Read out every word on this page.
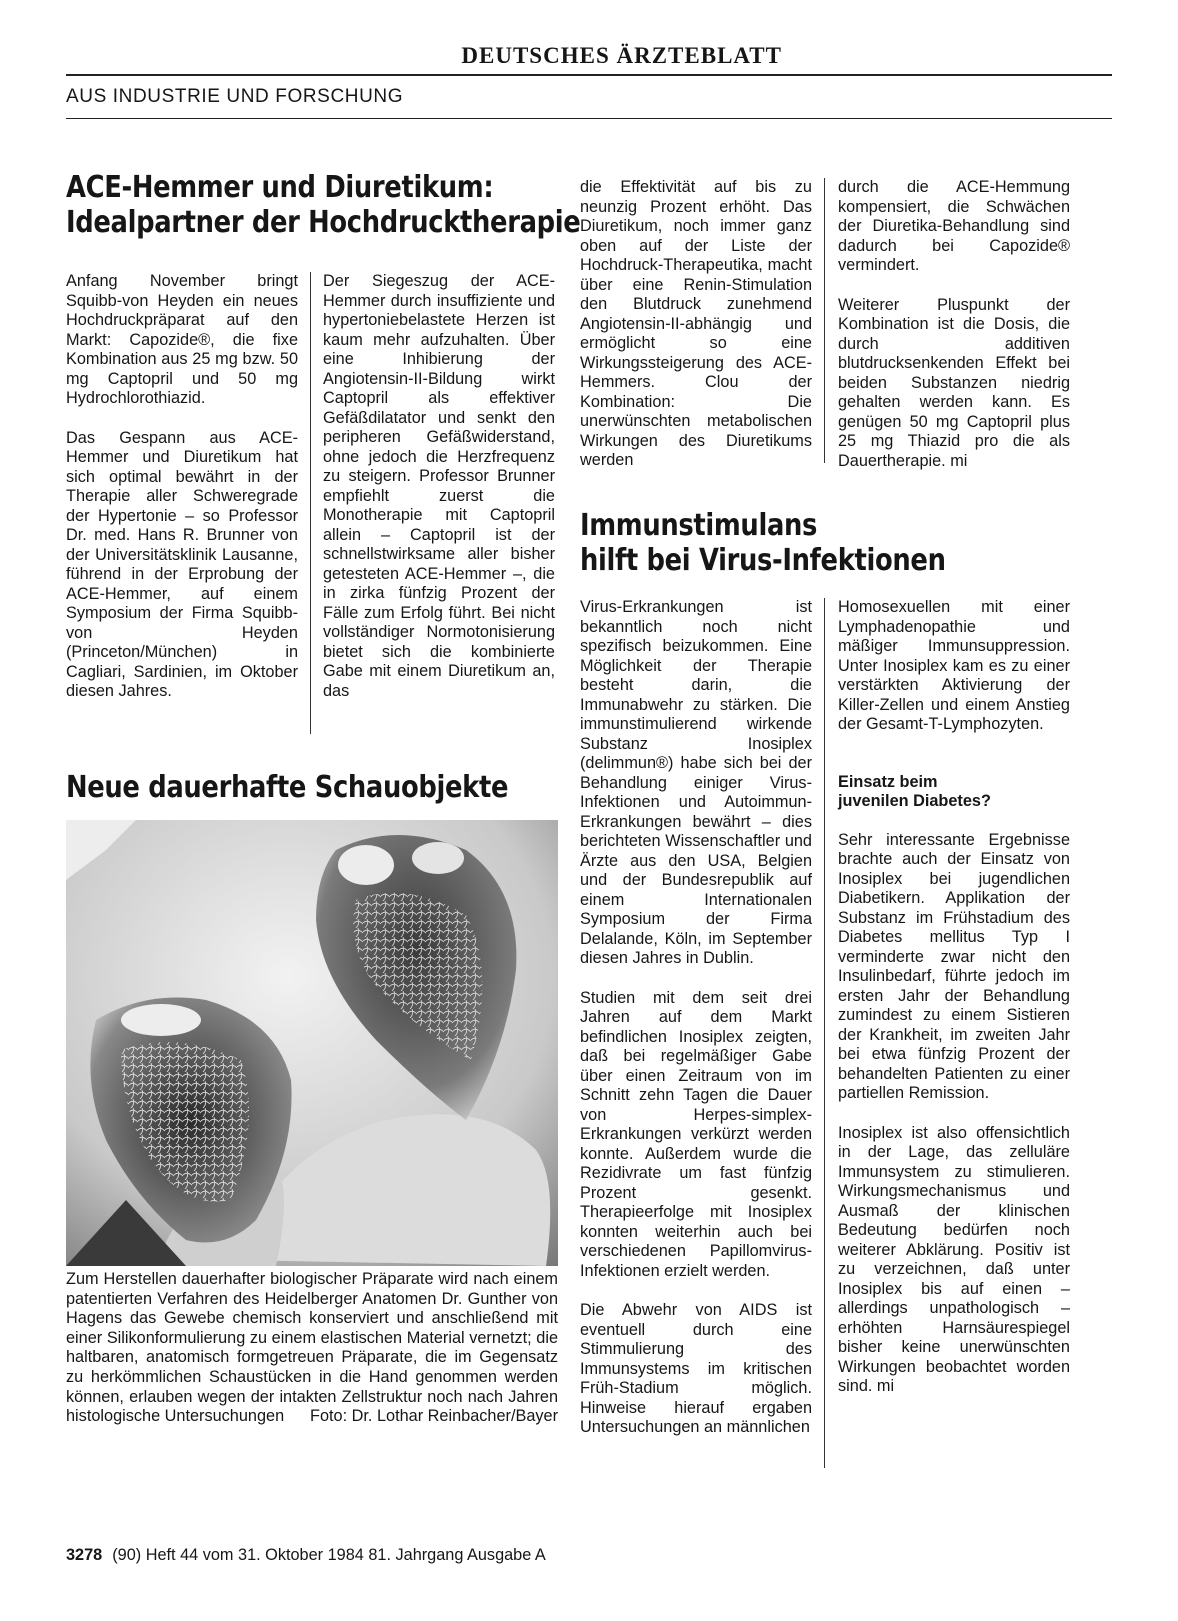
DEUTSCHES ÄRZTEBLATT
AUS INDUSTRIE UND FORSCHUNG
ACE-Hemmer und Diuretikum:
Idealpartner der Hochdrucktherapie

Anfang November bringt Squibb-von Heyden ein neues Hochdruckpräparat auf den Markt: Capozide®, die fixe Kombination aus 25 mg bzw. 50 mg Captopril und 50 mg Hydrochlorothiazid.

Das Gespann aus ACE-Hemmer und Diuretikum hat sich optimal bewährt in der Therapie aller Schweregrade der Hypertonie – so Professor Dr. med. Hans R. Brunner von der Universitätsklinik Lausanne, führend in der Erprobung der ACE-Hemmer, auf einem Symposium der Firma Squibb-von Heyden (Princeton/München) in Cagliari, Sardinien, im Oktober diesen Jahres.

Der Siegeszug der ACE-Hemmer durch insuffiziente und hypertoniebelastete Herzen ist kaum mehr aufzuhalten. Über eine Inhibierung der Angiotensin-II-Bildung wirkt Captopril als effektiver Gefäßdilatator und senkt den peripheren Gefäßwiderstand, ohne jedoch die Herzfrequenz zu steigern. Professor Brunner empfiehlt zuerst die Monotherapie mit Captopril allein – Captopril ist der schnellstwirksame aller bisher getesteten ACE-Hemmer –, die in zirka fünfzig Prozent der Fälle zum Erfolg führt. Bei nicht vollständiger Normotonisierung bietet sich die kombinierte Gabe mit einem Diuretikum an, das

die Effektivität auf bis zu neunzig Prozent erhöht. Das Diuretikum, noch immer ganz oben auf der Liste der Hochdruck-Therapeutika, macht über eine Renin-Stimulation den Blutdruck zunehmend Angiotensin-II-abhängig und ermöglicht so eine Wirkungssteigerung des ACE-Hemmers. Clou der Kombination: Die unerwünschten metabolischen Wirkungen des Diuretikums werden

durch die ACE-Hemmung kompensiert, die Schwächen der Diuretika-Behandlung sind dadurch bei Capozide® vermindert.

Weiterer Pluspunkt der Kombination ist die Dosis, die durch additiven blutdrucksenkenden Effekt bei beiden Substanzen niedrig gehalten werden kann. Es genügen 50 mg Captopril plus 25 mg Thiazid pro die als Dauertherapie. mi

Neue dauerhafte Schauobjekte
Zum Herstellen dauerhafter biologischer Präparate wird nach einem patentierten Verfahren des Heidelberger Anatomen Dr. Gunther von Hagens das Gewebe chemisch konserviert und anschließend mit einer Silikonformulierung zu einem elastischen Material vernetzt; die haltbaren, anatomisch formgetreuen Präparate, die im Gegensatz zu herkömmlichen Schaustücken in die Hand genommen werden können, erlauben wegen der intakten Zellstruktur noch nach Jahren histologische Untersuchungen Foto: Dr. Lothar Reinbacher/Bayer
Immunstimulans
hilft bei Virus-Infektionen

Virus-Erkrankungen ist bekanntlich noch nicht spezifisch beizukommen. Eine Möglichkeit der Therapie besteht darin, die Immunabwehr zu stärken. Die immunstimulierend wirkende Substanz Inosiplex (delimmun®) habe sich bei der Behandlung einiger Virus-Infektionen und Autoimmun-Erkrankungen bewährt – dies berichteten Wissenschaftler und Ärzte aus den USA, Belgien und der Bundesrepublik auf einem Internationalen Symposium der Firma Delalande, Köln, im September diesen Jahres in Dublin.

Studien mit dem seit drei Jahren auf dem Markt befindlichen Inosiplex zeigten, daß bei regelmäßiger Gabe über einen Zeitraum von im Schnitt zehn Tagen die Dauer von Herpes-simplex-Erkrankungen verkürzt werden konnte. Außerdem wurde die Rezidivrate um fast fünfzig Prozent gesenkt. Therapieerfolge mit Inosiplex konnten weiterhin auch bei verschiedenen Papillomvirus-Infektionen erzielt werden.

Die Abwehr von AIDS ist eventuell durch eine Stimmulierung des Immunsystems im kritischen Früh-Stadium möglich. Hinweise hierauf ergaben Untersuchungen an männlichen

Homosexuellen mit einer Lymphadenopathie und mäßiger Immunsuppression. Unter Inosiplex kam es zu einer verstärkten Aktivierung der Killer-Zellen und einem Anstieg der Gesamt-T-Lymphozyten.

Einsatz beim
juvenilen Diabetes?

Sehr interessante Ergebnisse brachte auch der Einsatz von Inosiplex bei jugendlichen Diabetikern. Applikation der Substanz im Frühstadium des Diabetes mellitus Typ I verminderte zwar nicht den Insulinbedarf, führte jedoch im ersten Jahr der Behandlung zumindest zu einem Sistieren der Krankheit, im zweiten Jahr bei etwa fünfzig Prozent der behandelten Patienten zu einer partiellen Remission.

Inosiplex ist also offensichtlich in der Lage, das zelluläre Immunsystem zu stimulieren. Wirkungsmechanismus und Ausmaß der klinischen Bedeutung bedürfen noch weiterer Abklärung. Positiv ist zu verzeichnen, daß unter Inosiplex bis auf einen – allerdings unpathologisch – erhöhten Harnsäurespiegel bisher keine unerwünschten Wirkungen beobachtet worden sind. mi

3278 (90) Heft 44 vom 31. Oktober 1984 81. Jahrgang Ausgabe A
